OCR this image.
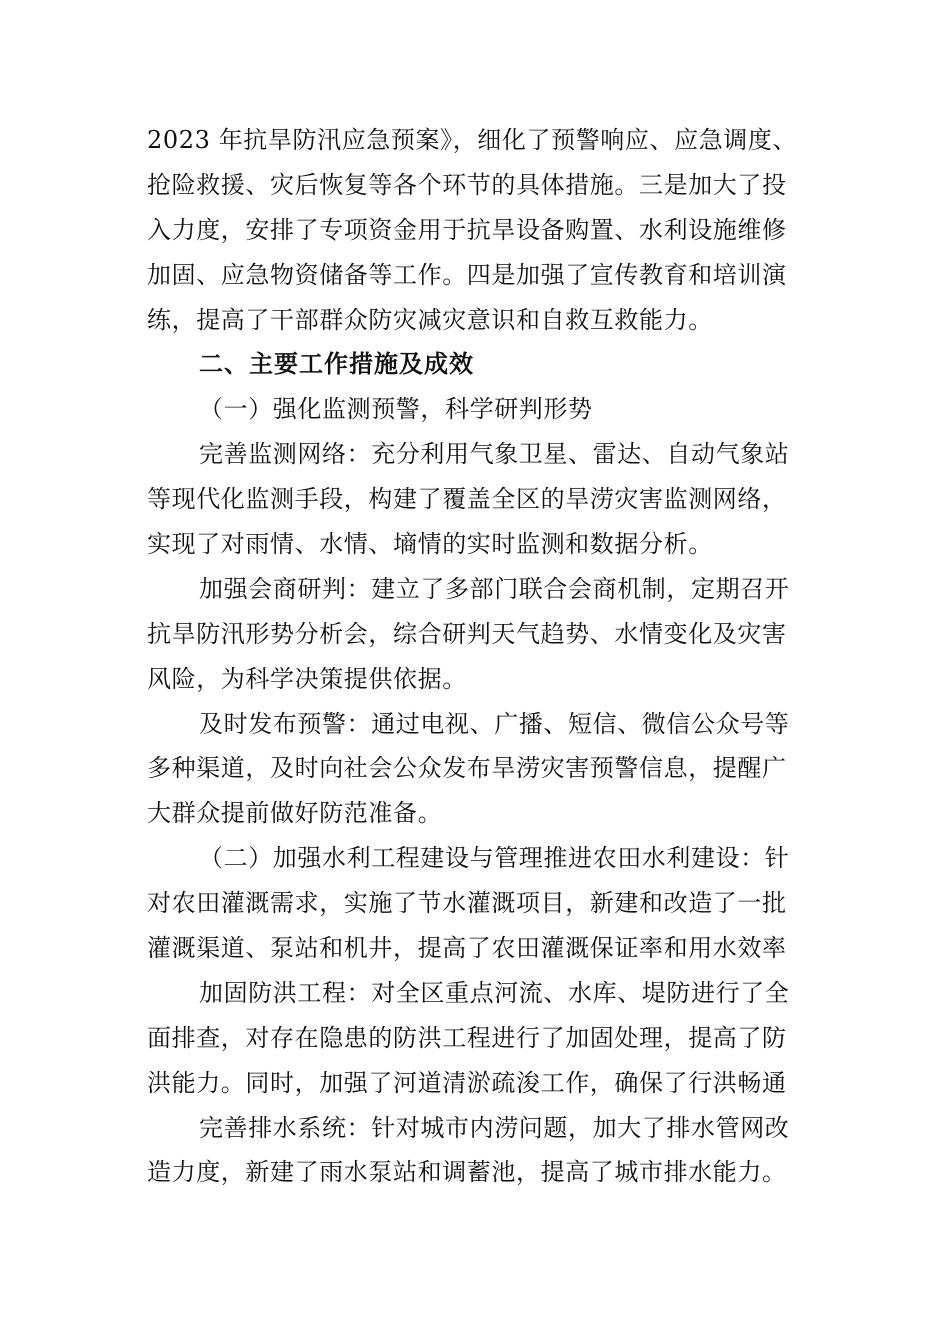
2023 年抗旱防汛应急预案》，细化了预警响应、应急调度、
抢险救援、灾后恢复等各个环节的具体措施。三是加大了投
入力度，安排了专项资金用于抗旱设备购置、水利设施维修
加固、应急物资储备等工作。四是加强了宣传教育和培训演
练，提高了干部群众防灾减灾意识和自救互救能力。
二、主要工作措施及成效
（一）强化监测预警，科学研判形势
完善监测网络：充分利用气象卫星、雷达、自动气象站
等现代化监测手段，构建了覆盖全区的旱涝灾害监测网络，
实现了对雨情、水情、墒情的实时监测和数据分析。
加强会商研判：建立了多部门联合会商机制，定期召开
抗旱防汛形势分析会，综合研判天气趋势、水情变化及灾害
风险，为科学决策提供依据。
及时发布预警：通过电视、广播、短信、微信公众号等
多种渠道，及时向社会公众发布旱涝灾害预警信息，提醒广
大群众提前做好防范准备。
（二）加强水利工程建设与管理推进农田水利建设：针
对农田灌溉需求，实施了节水灌溉项目，新建和改造了一批
灌溉渠道、泵站和机井，提高了农田灌溉保证率和用水效率
加固防洪工程：对全区重点河流、水库、堤防进行了全
面排查，对存在隐患的防洪工程进行了加固处理，提高了防
洪能力。同时，加强了河道清淤疏浚工作，确保了行洪畅通
完善排水系统：针对城市内涝问题，加大了排水管网改
造力度，新建了雨水泵站和调蓄池，提高了城市排水能力。
